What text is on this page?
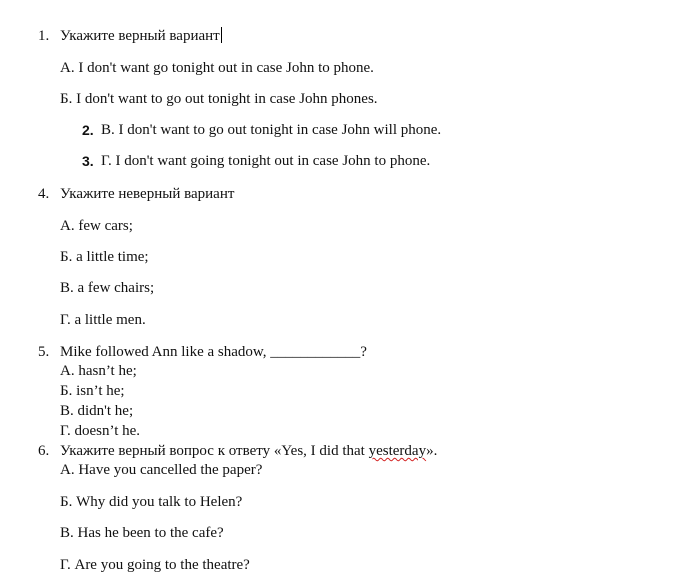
1. Укажите верный вариант
А. I don't want go tonight out in case John to phone.
Б. I don't want to go out tonight in case John phones.
2. В. I don't want to go out tonight in case John will phone.
3. Г. I don't want going tonight out in case John to phone.
4. Укажите неверный вариант
А. few cars;
Б. a little time;
В. a few chairs;
Г. a little men.
5. Mike followed Ann like a shadow, ____________?
А. hasn’t he;
Б. isn’t he;
В. didn't he;
Г. doesn’t he.
6. Укажите верный вопрос к ответу «Yes, I did that yesterday».
А. Have you cancelled the paper?
Б. Why did you talk to Helen?
В. Has he been to the cafe?
Г. Are you going to the theatre?
